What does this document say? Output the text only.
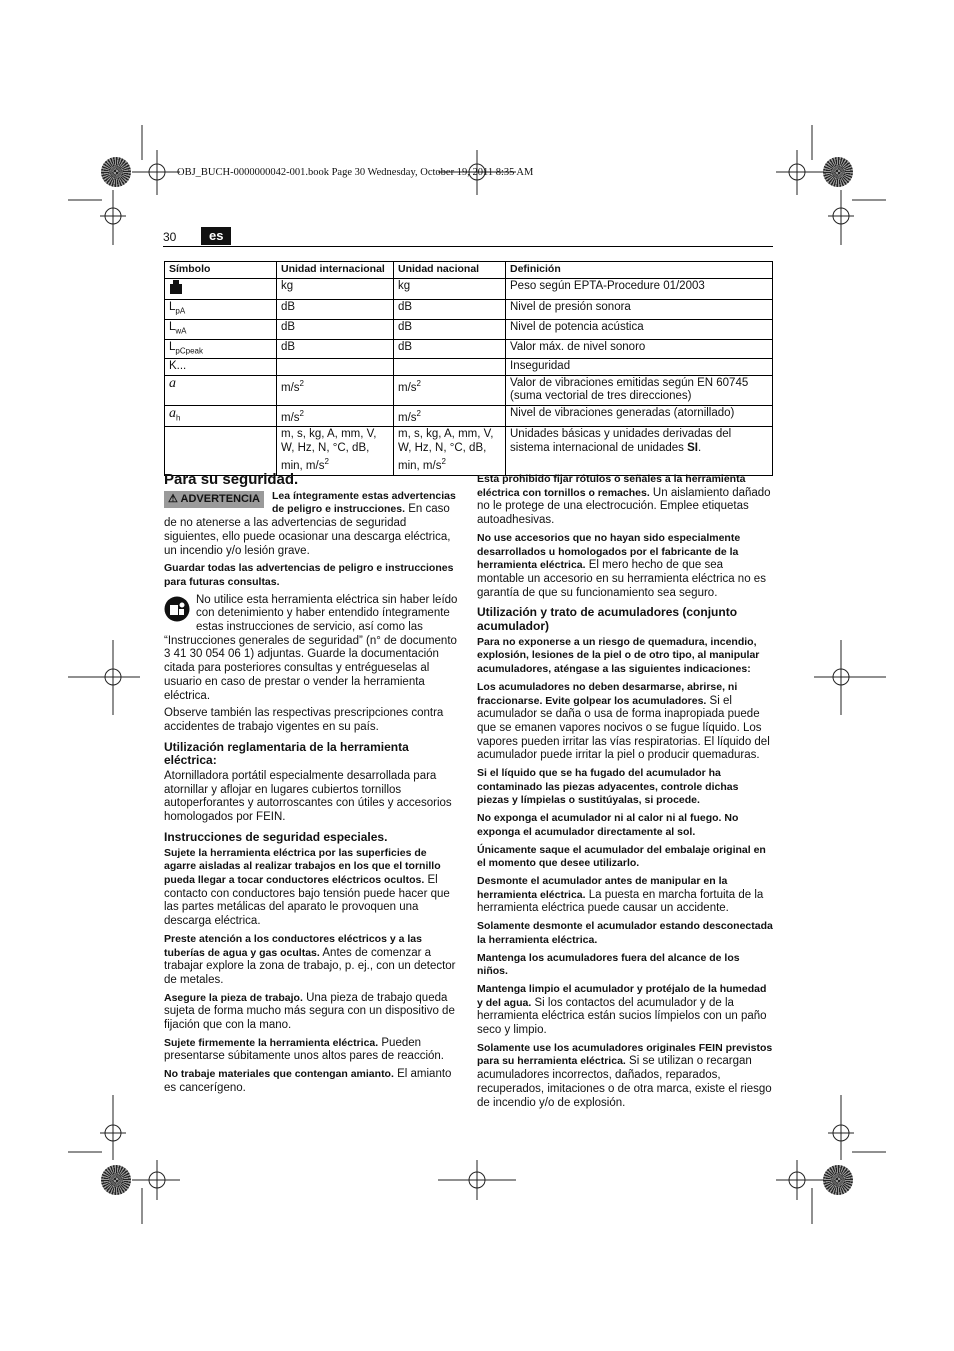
OBJ_BUCH-0000000042-001.book Page 30 Wednesday, October 19, 2011 8:35 AM
30	es
Símbolo	Unidad internacional	Unidad nacional	Definición
	kg	kg	Peso según EPTA-Procedure 01/2003
$L_{pA}$	dB	dB	Nivel de presión sonora
$L_{wA}$	dB	dB	Nivel de potencia acústica
$L_{pCpeak}$	dB	dB	Valor máx. de nivel sonoro
K...			Inseguridad
a	$m/s^2$	$m/s^2$	Valor de vibraciones emitidas según EN 60745 (suma vectorial de tres direcciones)
$a_h$	$m/s^2$	$m/s^2$	Nivel de vibraciones generadas (atornillado)
	m, s, kg, A, mm, V, W, Hz, N, °C, dB, min, $m/s^2$	m, s, kg, A, mm, V, W, Hz, N, °C, dB, min, $m/s^2$	Unidades básicas y unidades derivadas del sistema internacional de unidades SI.
Para su seguridad.
⚠ ADVERTENCIA	Lea íntegramente estas advertencias de peligro e instrucciones. En caso de no atenerse a las advertencias de seguridad siguientes, ello puede ocasionar una descarga eléctrica, un incendio y/o lesión grave.

Guardar todas las advertencias de peligro e instrucciones para futuras consultas.

No utilice esta herramienta eléctrica sin haber leído con detenimiento y haber entendido íntegramente estas instrucciones de servicio, así como las “Instrucciones generales de seguridad” (n° de documento 3 41 30 054 06 1) adjuntas. Guarde la documentación citada para posteriores consultas y entrégueselas al usuario en caso de prestar o vender la herramienta eléctrica.

Observe también las respectivas prescripciones contra accidentes de trabajo vigentes en su país.

Utilización reglamentaria de la herramienta eléctrica:

Atornilladora portátil especialmente desarrollada para atornillar y aflojar en lugares cubiertos tornillos autoperforantes y autorroscantes con útiles y accesorios homologados por FEIN.

Instrucciones de seguridad especiales.

Sujete la herramienta eléctrica por las superficies de agarre aisladas al realizar trabajos en los que el tornillo pueda llegar a tocar conductores eléctricos ocultos. El contacto con conductores bajo tensión puede hacer que las partes metálicas del aparato le provoquen una descarga eléctrica.

Preste atención a los conductores eléctricos y a las tuberías de agua y gas ocultas. Antes de comenzar a trabajar explore la zona de trabajo, p. ej., con un detector de metales.

Asegure la pieza de trabajo. Una pieza de trabajo queda sujeta de forma mucho más segura con un dispositivo de fijación que con la mano.

Sujete firmemente la herramienta eléctrica. Pueden presentarse súbitamente unos altos pares de reacción.

No trabaje materiales que contengan amianto. El amianto es cancerígeno.

Esta prohibido fijar rótulos o señales a la herramienta eléctrica con tornillos o remaches. Un aislamiento dañado no le protege de una electrocución. Emplee etiquetas autoadhesivas.

No use accesorios que no hayan sido especialmente desarrollados u homologados por el fabricante de la herramienta eléctrica. El mero hecho de que sea montable un accesorio en su herramienta eléctrica no es garantía de que su funcionamiento sea seguro.

Utilización y trato de acumuladores (conjunto acumulador)

Para no exponerse a un riesgo de quemadura, incendio, explosión, lesiones de la piel o de otro tipo, al manipular acumuladores, aténgase a las siguientes indicaciones:

Los acumuladores no deben desarmarse, abrirse, ni fraccionarse. Evite golpear los acumuladores. Si el acumulador se daña o usa de forma inapropiada puede que se emanen vapores nocivos o se fugue líquido. Los vapores pueden irritar las vías respiratorias. El líquido del acumulador puede irritar la piel o producir quemaduras.

Si el líquido que se ha fugado del acumulador ha contaminado las piezas adyacentes, controle dichas piezas y límpielas o sustitúyalas, si procede.

No exponga el acumulador ni al calor ni al fuego. No exponga el acumulador directamente al sol.

Únicamente saque el acumulador del embalaje original en el momento que desee utilizarlo.

Desmonte el acumulador antes de manipular en la herramienta eléctrica. La puesta en marcha fortuita de la herramienta eléctrica puede causar un accidente.

Solamente desmonte el acumulador estando desconectada la herramienta eléctrica.

Mantenga los acumuladores fuera del alcance de los niños.

Mantenga limpio el acumulador y protéjalo de la humedad y del agua. Si los contactos del acumulador y de la herramienta eléctrica están sucios límpielos con un paño seco y limpio.

Solamente use los acumuladores originales FEIN previstos para su herramienta eléctrica. Si se utilizan o recargan acumuladores incorrectos, dañados, reparados, recuperados, imitaciones o de otra marca, existe el riesgo de incendio y/o de explosión.
